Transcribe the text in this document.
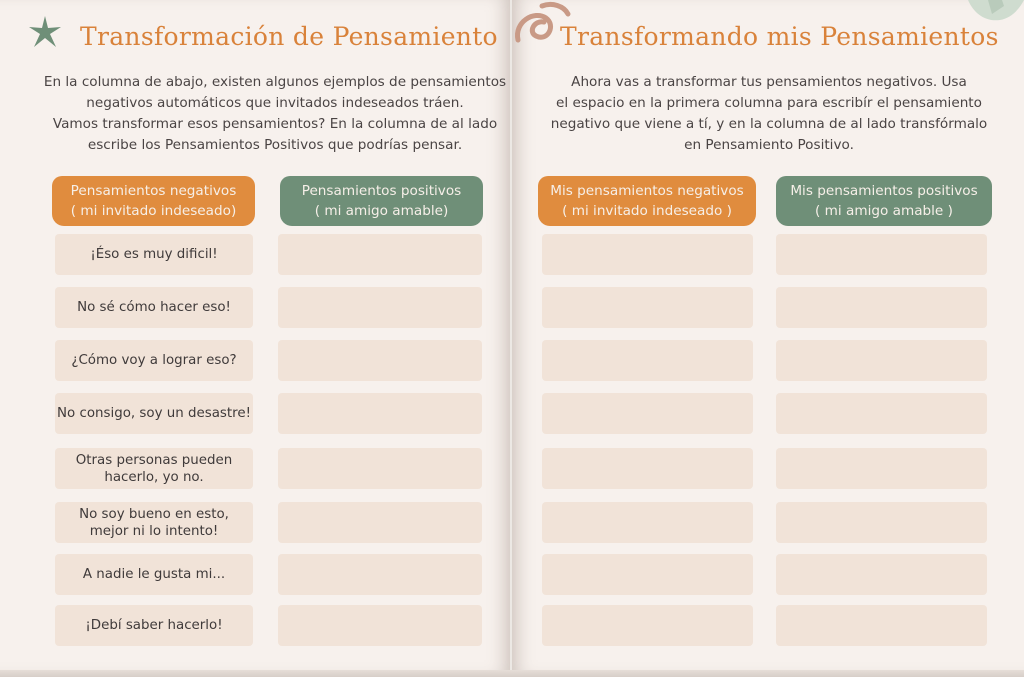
Transformación de Pensamiento
En la columna de abajo, existen algunos ejemplos de pensamientos
negativos automáticos que invitados indeseados tráen.
Vamos transformar esos pensamientos? En la columna de al lado
escribe los Pensamientos Positivos que podrías pensar.
Pensamientos negativos
( mi invitado indeseado)
Pensamientos positivos
( mi amigo amable)
¡Éso es muy dificil!
No sé cómo hacer eso!
¿Cómo voy a lograr eso?
No consigo, soy un desastre!
Otras personas pueden
hacerlo, yo no.
No soy bueno en esto,
mejor ni lo intento!
A nadie le gusta mi...
¡Debí saber hacerlo!
Transformando mis Pensamientos
Ahora vas a transformar tus pensamientos negativos. Usa
el espacio en la primera columna para escribír el pensamiento
negativo que viene a tí, y en la columna de al lado transfórmalo
en Pensamiento Positivo.
Mis pensamientos negativos
( mi invitado indeseado )
Mis pensamientos positivos
( mi amigo amable )
